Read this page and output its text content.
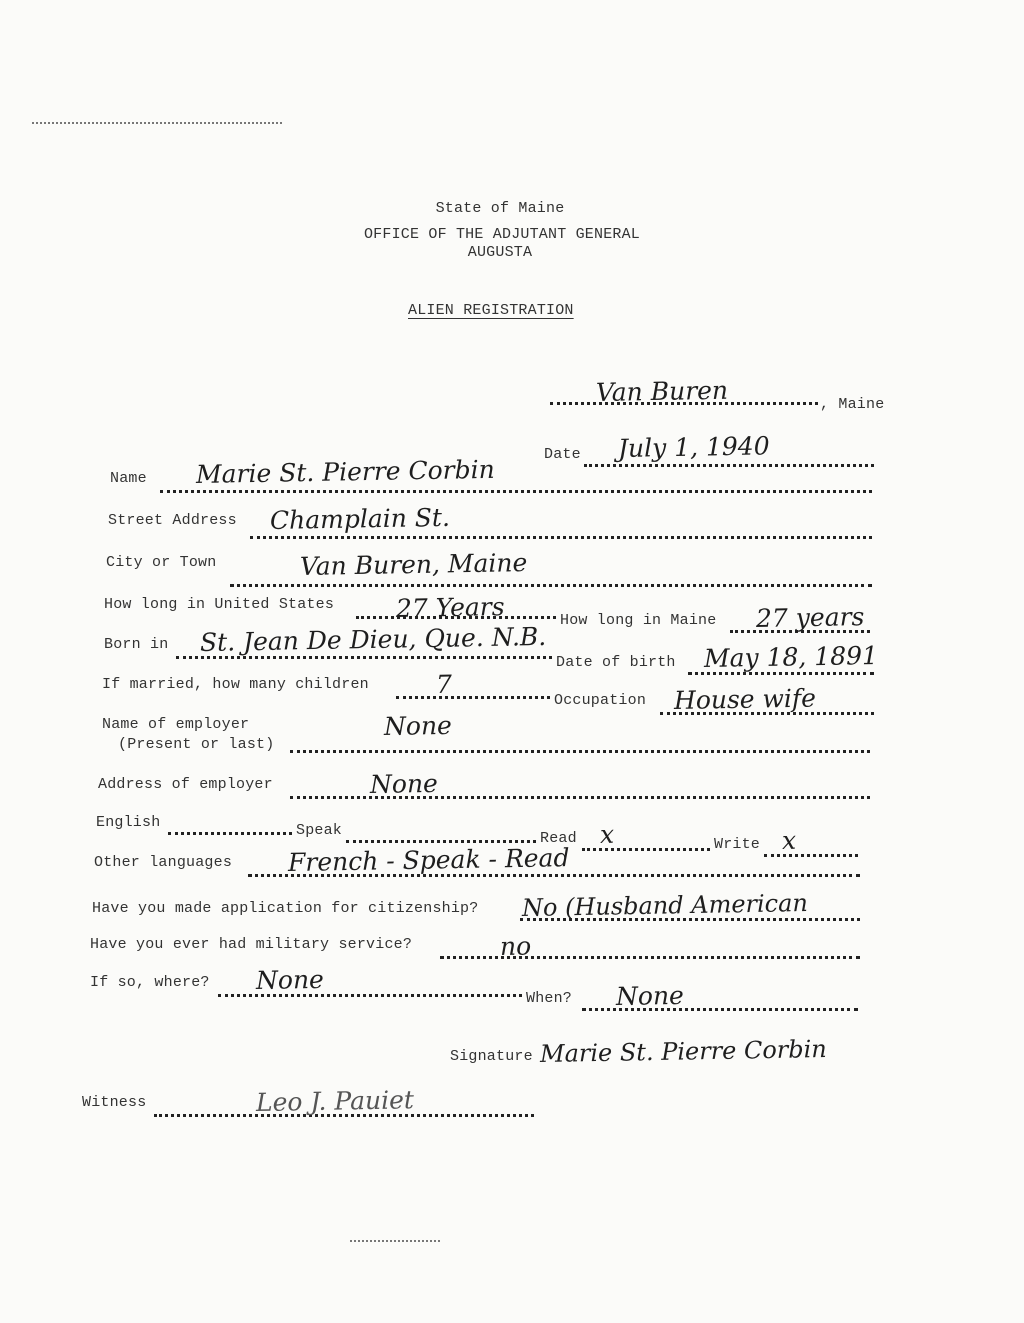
State of Maine
OFFICE OF THE ADJUTANT GENERAL
AUGUSTA
ALIEN REGISTRATION
Van Buren	, Maine
Date July 1, 1940
Name Marie St. Pierre Corbin
Street Address Champlain St.
City or Town	Van Buren, Maine
How long in United States 27 Years	How long in Maine 27 years
Born in St. Jean De Dieu, Que. N.B.
Date of birth May 18, 1891
If married, how many children	7
Occupation House wife
Name of employer
(Present or last)
None
Address of employer	None
English	Speak	Read x	Write x
Other languages French - Speak - Read
Have you made application for citizenship? No (Husband American
Have you ever had military service?	no
If so, where? None
When? None
Signature Marie St. Pierre Corbin
Witness	Leo J. Pauiet
